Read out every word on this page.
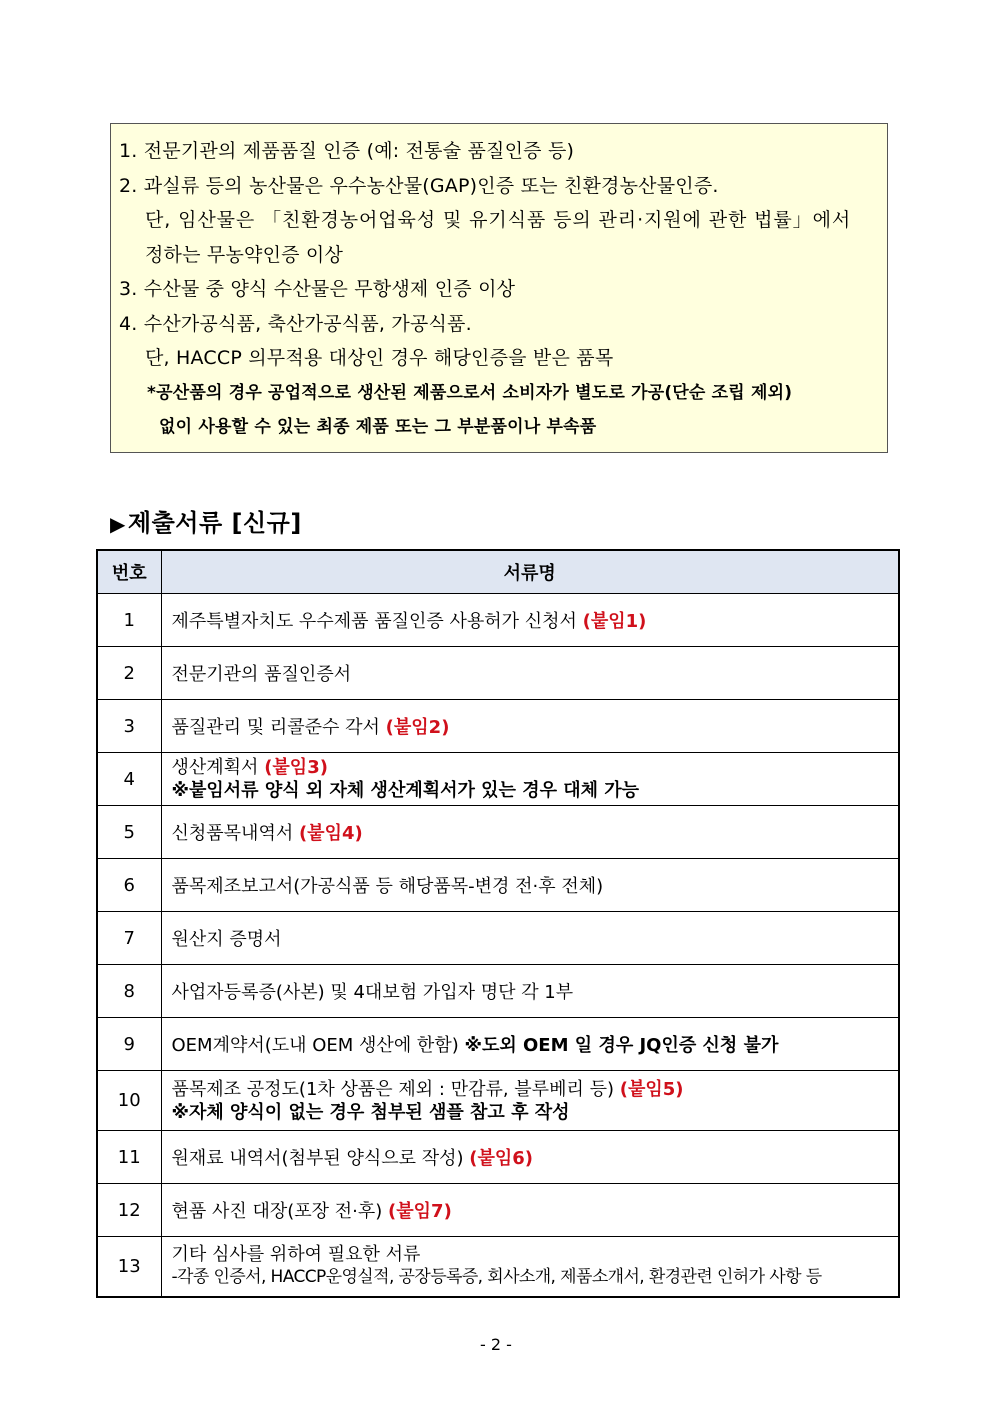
1. 전문기관의 제품품질 인증 (예: 전통술 품질인증 등)
2. 과실류 등의 농산물은 우수농산물(GAP)인증 또는 친환경농산물인증.
단, 임산물은 「친환경농어업육성 및 유기식품 등의 관리·지원에 관한 법률」에서
정하는 무농약인증 이상
3. 수산물 중 양식 수산물은 무항생제 인증 이상
4. 수산가공식품, 축산가공식품, 가공식품.
단, HACCP 의무적용 대상인 경우 해당인증을 받은 품목
*공산품의 경우 공업적으로 생산된 제품으로서 소비자가 별도로 가공(단순 조립 제외)
없이 사용할 수 있는 최종 제품 또는 그 부분품이나 부속품
▶제출서류 [신규]
번호	서류명
1	제주특별자치도 우수제품 품질인증 사용허가 신청서 (붙임1)
2	전문기관의 품질인증서
3	품질관리 및 리콜준수 각서 (붙임2)
4	생산계획서 (붙임3)
※붙임서류 양식 외 자체 생산계획서가 있는 경우 대체 가능

5	신청품목내역서 (붙임4)
6	품목제조보고서(가공식품 등 해당품목-변경 전·후 전체)
7	원산지 증명서
8	사업자등록증(사본) 및 4대보험 가입자 명단 각 1부
9	OEM계약서(도내 OEM 생산에 한함) ※도외 OEM 일 경우 JQ인증 신청 불가
10	품목제조 공정도(1차 상품은 제외 : 만감류, 블루베리 등) (붙임5)
※자체 양식이 없는 경우 첨부된 샘플 참고 후 작성

11	원재료 내역서(첨부된 양식으로 작성) (붙임6)
12	현품 사진 대장(포장 전·후) (붙임7)
13	기타 심사를 위하여 필요한 서류
-각종 인증서, HACCP운영실적, 공장등록증, 회사소개, 제품소개서, 환경관련 인허가 사항 등
- 2 -
